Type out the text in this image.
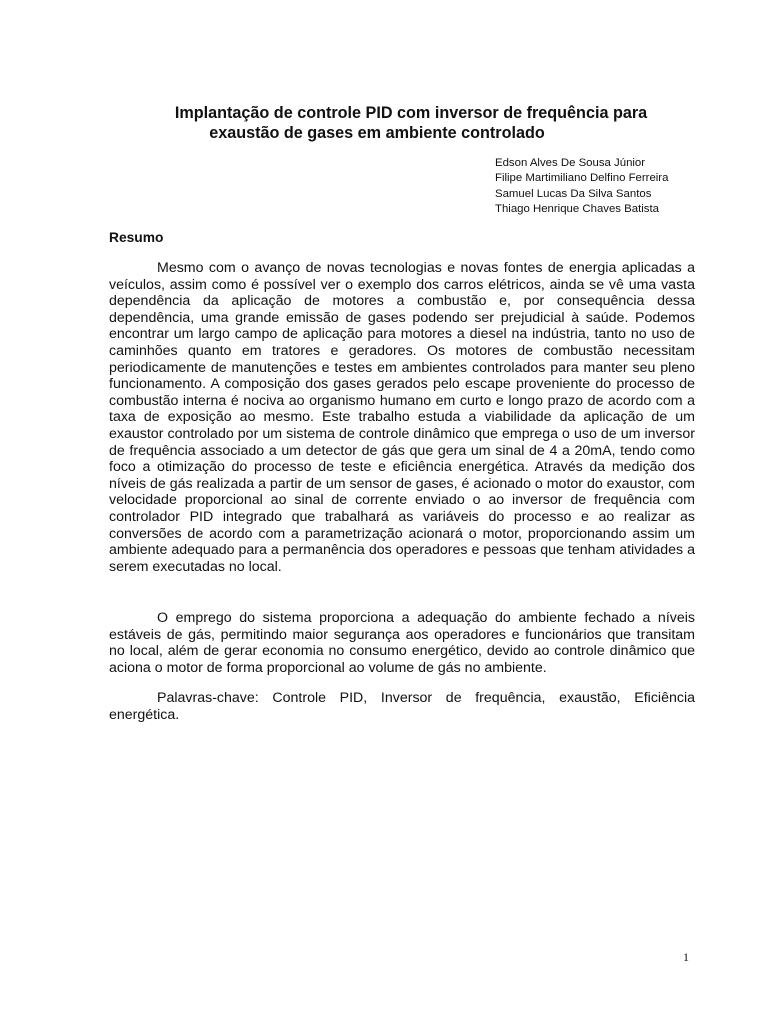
Implantação de controle PID com inversor de frequência para
exaustão de gases em ambiente controlado
Edson Alves De Sousa Júnior
Filipe Martimiliano Delfino Ferreira
Samuel Lucas Da Silva Santos
Thiago Henrique Chaves Batista
Resumo

Mesmo com o avanço de novas tecnologias e novas fontes de energia aplicadas a veículos, assim como é possível ver o exemplo dos carros elétricos, ainda se vê uma vasta dependência da aplicação de motores a combustão e, por consequência dessa dependência, uma grande emissão de gases podendo ser prejudicial à saúde. Podemos encontrar um largo campo de aplicação para motores a diesel na indústria, tanto no uso de caminhões quanto em tratores e geradores. Os motores de combustão necessitam periodicamente de manutenções e testes em ambientes controlados para manter seu pleno funcionamento. A composição dos gases gerados pelo escape proveniente do processo de combustão interna é nociva ao organismo humano em curto e longo prazo de acordo com a taxa de exposição ao mesmo. Este trabalho estuda a viabilidade da aplicação de um exaustor controlado por um sistema de controle dinâmico que emprega o uso de um inversor de frequência associado a um detector de gás que gera um sinal de 4 a 20mA, tendo como foco a otimização do processo de teste e eficiência energética. Através da medição dos níveis de gás realizada a partir de um sensor de gases, é acionado o motor do exaustor, com velocidade proporcional ao sinal de corrente enviado o ao inversor de frequência com controlador PID integrado que trabalhará as variáveis do processo e ao realizar as conversões de acordo com a parametrização acionará o motor, proporcionando assim um ambiente adequado para a permanência dos operadores e pessoas que tenham atividades a serem executadas no local.

O emprego do sistema proporciona a adequação do ambiente fechado a níveis estáveis de gás, permitindo maior segurança aos operadores e funcionários que transitam no local, além de gerar economia no consumo energético, devido ao controle dinâmico que aciona o motor de forma proporcional ao volume de gás no ambiente.

Palavras-chave: Controle PID, Inversor de frequência, exaustão, Eficiência energética.

1
